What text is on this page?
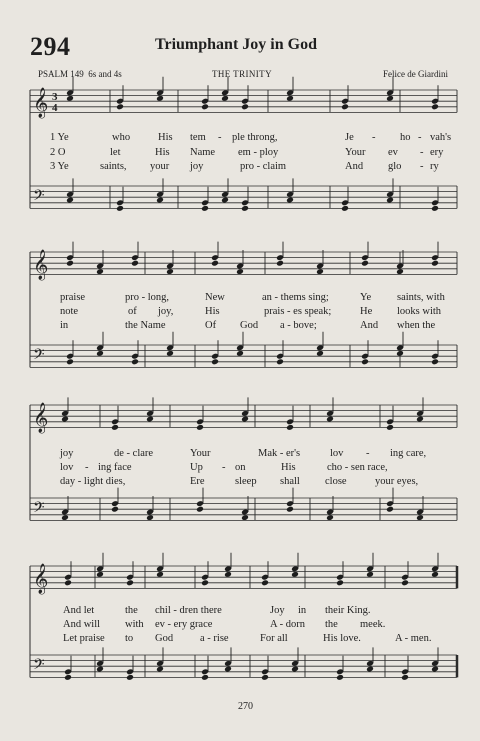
294	Triumphant Joy in God
PSALM 149 6s and 4s	THE TRINITY	Felice de Giardini
𝄞
𝄢
𝄞
𝄢
𝄞
𝄢
𝄞
𝄢
3
4
1 Ye	who	His tem - ple throng,	Je - ho - vah's
praise	pro - long,	New	an - thems sing;	Ye saints, with
joy	de - clare	Your	Mak - er's	lov - ing care,
And let	the chil - dren there	Joy in their King.
2 O	let	His Name em - ploy	Your ev - ery
note	of joy,	His	prais - es speak;	He looks with
lov - ing face	Up - on	His	cho - sen race,
And will with ev - ery grace	A - dorn the meek.
3 Ye	saints, your joy	pro - claim	And glo - ry
in	the Name	Of God a - bove;	And when the
day - light dies,	Ere	sleep shall close	your eyes,
Let praise to God	a - rise	For all	His love.	A - men.
270
